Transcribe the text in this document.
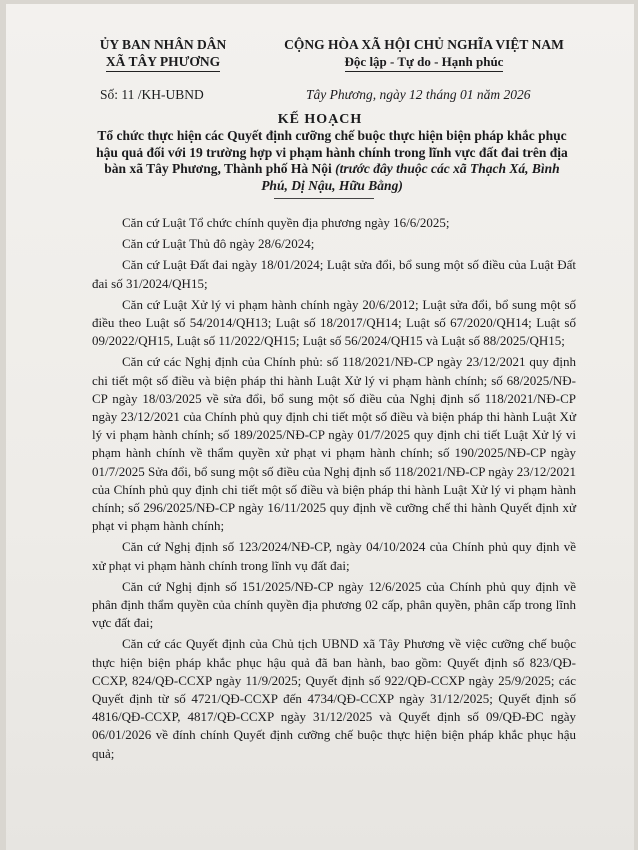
ỦY BAN NHÂN DÂN
XÃ TÂY PHƯƠNG
CỘNG HÒA XÃ HỘI CHỦ NGHĨA VIỆT NAM
Độc lập - Tự do - Hạnh phúc
Số: 11 /KH-UBND	Tây Phương, ngày 12 tháng 01 năm 2026
KẾ HOẠCH
Tổ chức thực hiện các Quyết định cưỡng chế buộc thực hiện biện pháp khắc phục hậu quả đối với 19 trường hợp vi phạm hành chính trong lĩnh vực đất đai trên địa bàn xã Tây Phương, Thành phố Hà Nội (trước đây thuộc các xã Thạch Xá, Bình Phú, Dị Nậu, Hữu Bằng)

Căn cứ Luật Tổ chức chính quyền địa phương ngày 16/6/2025;

Căn cứ Luật Thủ đô ngày 28/6/2024;

Căn cứ Luật Đất đai ngày 18/01/2024; Luật sửa đổi, bổ sung một số điều của Luật Đất đai số 31/2024/QH15;

Căn cứ Luật Xử lý vi phạm hành chính ngày 20/6/2012; Luật sửa đổi, bổ sung một số điều theo Luật số 54/2014/QH13; Luật số 18/2017/QH14; Luật số 67/2020/QH14; Luật số 09/2022/QH15, Luật số 11/2022/QH15; Luật số 56/2024/QH15 và Luật số 88/2025/QH15;

Căn cứ các Nghị định của Chính phủ: số 118/2021/NĐ-CP ngày 23/12/2021 quy định chi tiết một số điều và biện pháp thi hành Luật Xử lý vi phạm hành chính; số 68/2025/NĐ-CP ngày 18/03/2025 về sửa đổi, bổ sung một số điều của Nghị định số 118/2021/NĐ-CP ngày 23/12/2021 của Chính phủ quy định chi tiết một số điều và biện pháp thi hành Luật Xử lý vi phạm hành chính; số 189/2025/NĐ-CP ngày 01/7/2025 quy định chi tiết Luật Xử lý vi phạm hành chính về thẩm quyền xử phạt vi phạm hành chính; số 190/2025/NĐ-CP ngày 01/7/2025 Sửa đổi, bổ sung một số điều của Nghị định số 118/2021/NĐ-CP ngày 23/12/2021 của Chính phủ quy định chi tiết một số điều và biện pháp thi hành Luật Xử lý vi phạm hành chính; số 296/2025/NĐ-CP ngày 16/11/2025 quy định về cưỡng chế thi hành Quyết định xử phạt vi phạm hành chính;

Căn cứ Nghị định số 123/2024/NĐ-CP, ngày 04/10/2024 của Chính phủ quy định về xử phạt vi phạm hành chính trong lĩnh vụ đất đai;

Căn cứ Nghị định số 151/2025/NĐ-CP ngày 12/6/2025 của Chính phủ quy định về phân định thẩm quyền của chính quyền địa phương 02 cấp, phân quyền, phân cấp trong lĩnh vực đất đai;

Căn cứ các Quyết định của Chủ tịch UBND xã Tây Phương về việc cưỡng chế buộc thực hiện biện pháp khắc phục hậu quả đã ban hành, bao gồm: Quyết định số 823/QĐ-CCXP, 824/QĐ-CCXP ngày 11/9/2025; Quyết định số 922/QĐ-CCXP ngày 25/9/2025; các Quyết định từ số 4721/QĐ-CCXP đến 4734/QĐ-CCXP ngày 31/12/2025; Quyết định số 4816/QĐ-CCXP, 4817/QĐ-CCXP ngày 31/12/2025 và Quyết định số 09/QĐ-ĐC ngày 06/01/2026 về đính chính Quyết định cưỡng chế buộc thực hiện biện pháp khắc phục hậu quả;
